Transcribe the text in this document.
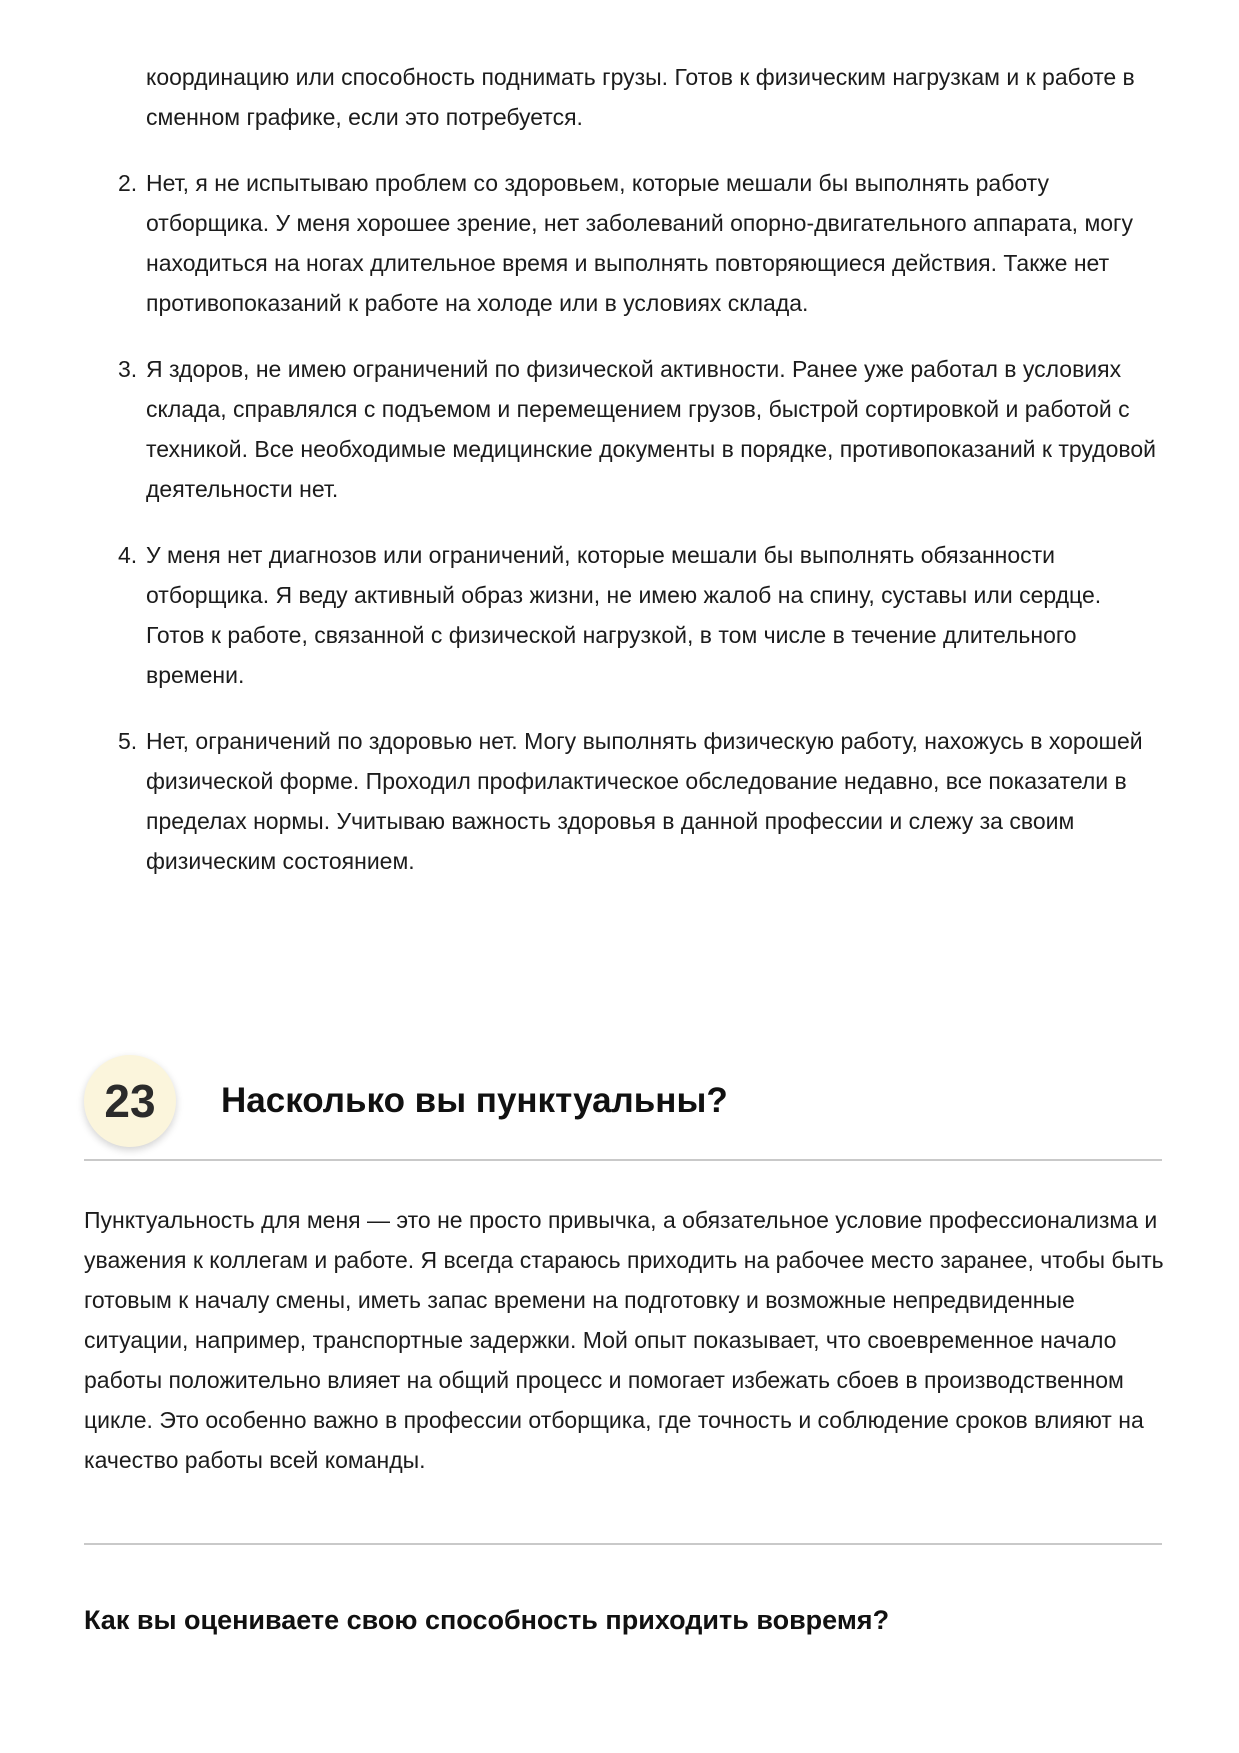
координацию или способность поднимать грузы. Готов к физическим нагрузкам и к работе в сменном графике, если это потребуется.
2. Нет, я не испытываю проблем со здоровьем, которые мешали бы выполнять работу отборщика. У меня хорошее зрение, нет заболеваний опорно-двигательного аппарата, могу находиться на ногах длительное время и выполнять повторяющиеся действия. Также нет противопоказаний к работе на холоде или в условиях склада.
3. Я здоров, не имею ограничений по физической активности. Ранее уже работал в условиях склада, справлялся с подъемом и перемещением грузов, быстрой сортировкой и работой с техникой. Все необходимые медицинские документы в порядке, противопоказаний к трудовой деятельности нет.
4. У меня нет диагнозов или ограничений, которые мешали бы выполнять обязанности отборщика. Я веду активный образ жизни, не имею жалоб на спину, суставы или сердце. Готов к работе, связанной с физической нагрузкой, в том числе в течение длительного времени.
5. Нет, ограничений по здоровью нет. Могу выполнять физическую работу, нахожусь в хорошей физической форме. Проходил профилактическое обследование недавно, все показатели в пределах нормы. Учитываю важность здоровья в данной профессии и слежу за своим физическим состоянием.
23	Насколько вы пунктуальны?

Пунктуальность для меня — это не просто привычка, а обязательное условие профессионализма и уважения к коллегам и работе. Я всегда стараюсь приходить на рабочее место заранее, чтобы быть готовым к началу смены, иметь запас времени на подготовку и возможные непредвиденные ситуации, например, транспортные задержки. Мой опыт показывает, что своевременное начало работы положительно влияет на общий процесс и помогает избежать сбоев в производственном цикле. Это особенно важно в профессии отборщика, где точность и соблюдение сроков влияют на качество работы всей команды.

Как вы оцениваете свою способность приходить вовремя?
